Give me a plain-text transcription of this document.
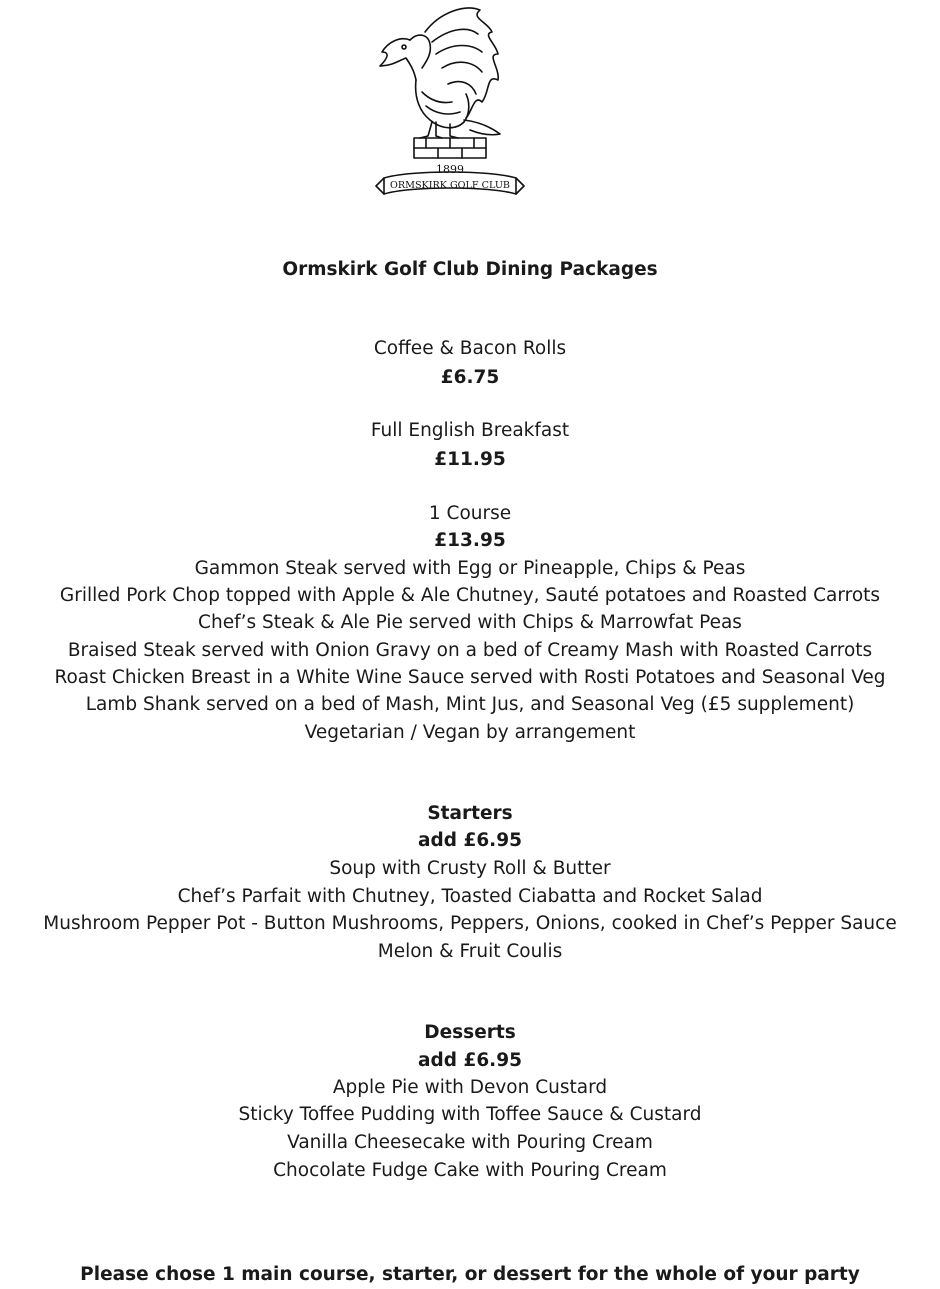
1899
ORMSKIRK GOLF CLUB
Ormskirk Golf Club Dining Packages
Coffee & Bacon Rolls
£6.75
Full English Breakfast
£11.95
1 Course
£13.95
Gammon Steak served with Egg or Pineapple, Chips & Peas
Grilled Pork Chop topped with Apple & Ale Chutney, Sauté potatoes and Roasted Carrots
Chef’s Steak & Ale Pie served with Chips & Marrowfat Peas
Braised Steak served with Onion Gravy on a bed of Creamy Mash with Roasted Carrots
Roast Chicken Breast in a White Wine Sauce served with Rosti Potatoes and Seasonal Veg
Lamb Shank served on a bed of Mash, Mint Jus, and Seasonal Veg (£5 supplement)
Vegetarian / Vegan by arrangement
Starters
add £6.95
Soup with Crusty Roll & Butter
Chef’s Parfait with Chutney, Toasted Ciabatta and Rocket Salad
Mushroom Pepper Pot - Button Mushrooms, Peppers, Onions, cooked in Chef’s Pepper Sauce
Melon & Fruit Coulis
Desserts
add £6.95
Apple Pie with Devon Custard
Sticky Toffee Pudding with Toffee Sauce & Custard
Vanilla Cheesecake with Pouring Cream
Chocolate Fudge Cake with Pouring Cream
Please chose 1 main course, starter, or dessert for the whole of your party
